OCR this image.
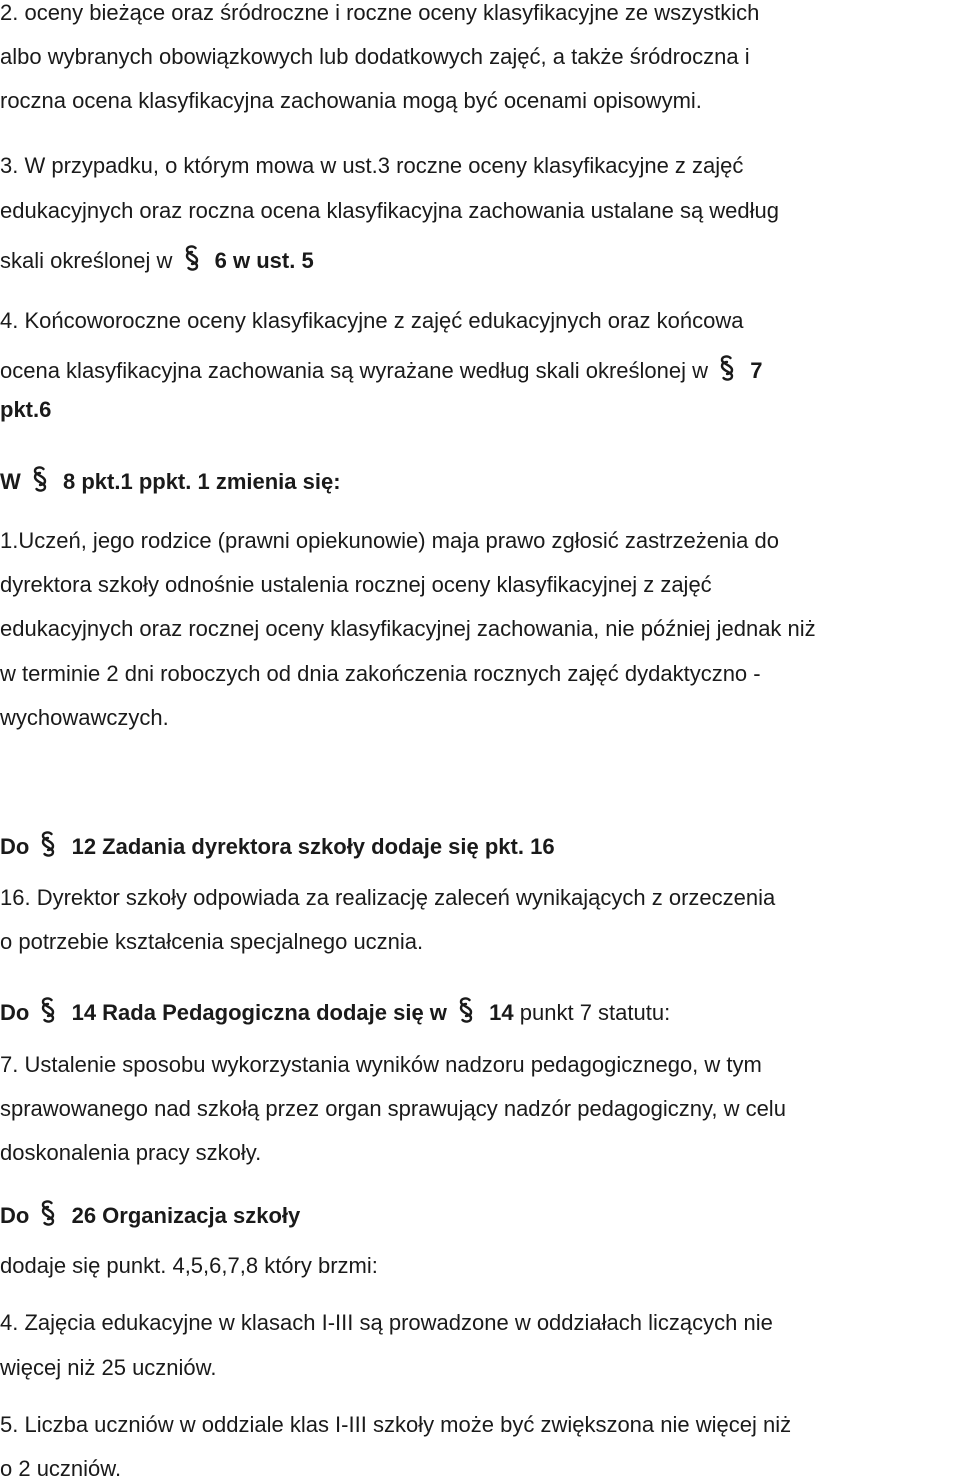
2. oceny bieżące oraz śródroczne i roczne oceny klasyfikacyjne ze wszystkich
albo wybranych obowiązkowych lub dodatkowych zajęć, a także śródroczna i
roczna ocena klasyfikacyjna zachowania mogą być ocenami opisowymi.
3. W przypadku, o którym mowa w ust.3 roczne oceny klasyfikacyjne z zajęć
edukacyjnych oraz roczna ocena klasyfikacyjna zachowania ustalane są według
skali określonej w 6 w ust. 5
4. Końcoworoczne oceny klasyfikacyjne z zajęć edukacyjnych oraz końcowa
ocena klasyfikacyjna zachowania są wyrażane według skali określonej w 7
pkt.6
W 8 pkt.1 ppkt. 1 zmienia się:
1.Uczeń, jego rodzice (prawni opiekunowie) maja prawo zgłosić zastrzeżenia do
dyrektora szkoły odnośnie ustalenia rocznej oceny klasyfikacyjnej z zajęć
edukacyjnych oraz rocznej oceny klasyfikacyjnej zachowania, nie później jednak niż
w terminie 2 dni roboczych od dnia zakończenia rocznych zajęć dydaktyczno -
wychowawczych.
Do 12 Zadania dyrektora szkoły dodaje się pkt. 16
16. Dyrektor szkoły odpowiada za realizację zaleceń wynikających z orzeczenia
o potrzebie kształcenia specjalnego ucznia.
Do 14 Rada Pedagogiczna dodaje się w 14 punkt 7 statutu:
7. Ustalenie sposobu wykorzystania wyników nadzoru pedagogicznego, w tym
sprawowanego nad szkołą przez organ sprawujący nadzór pedagogiczny, w celu
doskonalenia pracy szkoły.
Do 26 Organizacja szkoły
dodaje się punkt. 4,5,6,7,8 który brzmi:
4. Zajęcia edukacyjne w klasach I-III są prowadzone w oddziałach liczących nie
więcej niż 25 uczniów.
5. Liczba uczniów w oddziale klas I-III szkoły może być zwiększona nie więcej niż
o 2 uczniów.
